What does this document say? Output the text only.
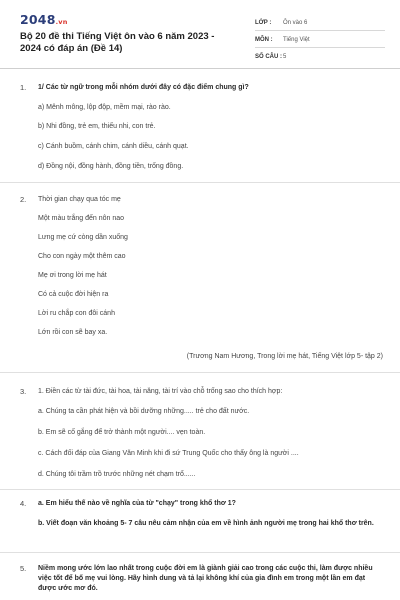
2048.vn
Bộ 20 đề thi Tiếng Việt ôn vào 6 năm 2023 - 2024 có đáp án (Đề 14)
LỚP :	Ôn vào 6
MÔN :	Tiếng Việt
SỐ CÂU : 5
1. 1/ Các từ ngữ trong mỗi nhóm dưới đây có đặc điểm chung gì?
a) Mênh mông, lộp độp, mềm mại, rào rào.
b) Nhi đồng, trẻ em, thiếu nhi, con trẻ.
c) Cánh buồm, cánh chim, cánh diều, cánh quạt.
d) Đồng nội, đồng hành, đồng tiền, trống đồng.
2. Thời gian chạy qua tóc mẹ
Một màu trắng đến nôn nao
Lưng mẹ cứ còng dần xuống
Cho con ngày một thêm cao
Mẹ ơi trong lời mẹ hát
Có cả cuộc đời hiện ra
Lời ru chắp con đôi cánh
Lớn rồi con sẽ bay xa.
(Trương Nam Hương, Trong lời mẹ hát, Tiếng Việt lớp 5- tập 2)
3. 1. Điền các từ tài đức, tài hoa, tài năng, tài trí vào chỗ trống sao cho thích hợp:
a. Chúng ta cần phát hiện và bồi dưỡng những..... trẻ cho đất nước.
b. Em sẽ cố gắng để trở thành một người.... vẹn toàn.
c. Cách đối đáp của Giang Văn Minh khi đi sứ Trung Quốc cho thấy ông là người ....
d. Chúng tôi trầm trồ trước những nét chạm trổ......
4. a. Em hiểu thế nào về nghĩa của từ "chạy" trong khổ thơ 1?
b. Viết đoạn văn khoảng 5- 7 câu nêu cảm nhận của em về hình ảnh người mẹ trong hai khổ thơ trên.
5. Niềm mong ước lớn lao nhất trong cuộc đời em là giành giải cao trong các cuộc thi, làm được nhiều việc tốt để bố mẹ vui lòng. Hãy hình dung và tả lại không khí của gia đình em trong một lần em đạt được ước mơ đó.
